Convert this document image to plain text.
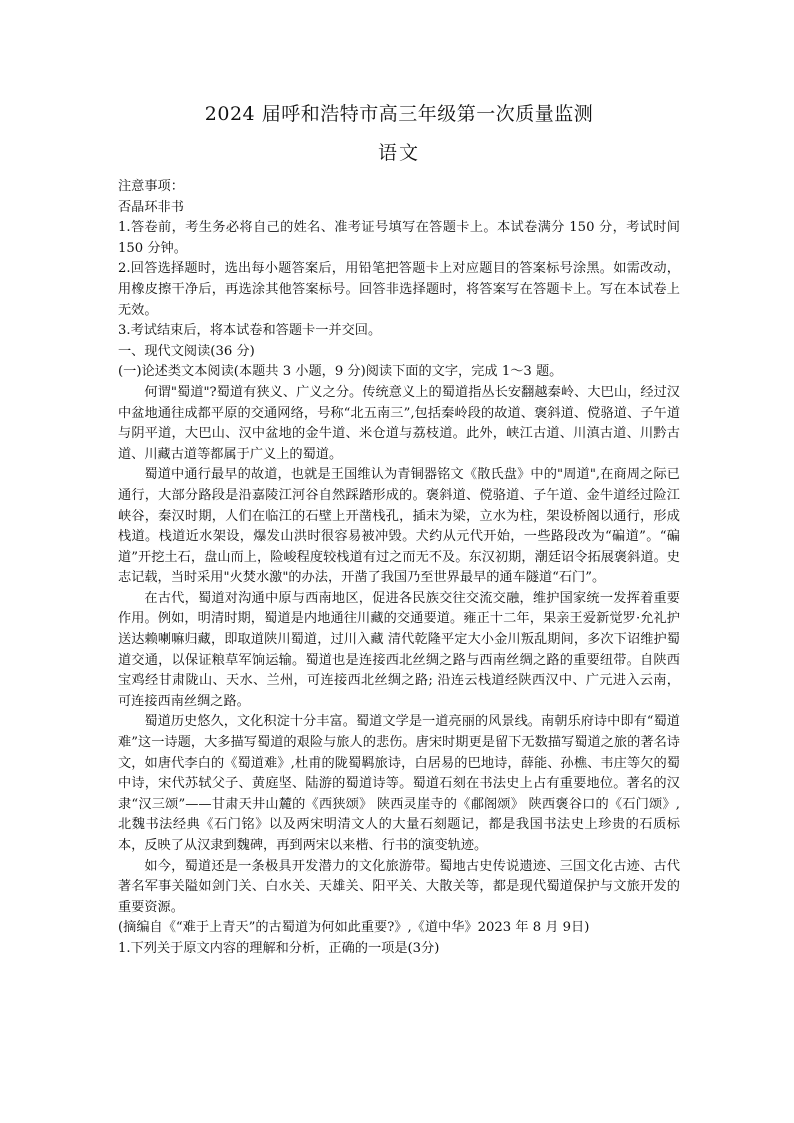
2024 届呼和浩特市高三年级第一次质量监测
语文

注意事项：

否晶环非书

1.答卷前，考生务必将自己的姓名、准考证号填写在答题卡上。本试卷满分 150 分，考试时间 150 分钟。

2.回答选择题时，选出每小题答案后，用铅笔把答题卡上对应题目的答案标号涂黑。如需改动，用橡皮擦干净后，再选涂其他答案标号。回答非选择题时，将答案写在答题卡上。写在本试卷上无效。

3.考试结束后，将本试卷和答题卡一并交回。

一、现代文阅读(36 分)

(一)论述类文本阅读(本题共 3 小题，9 分)阅读下面的文字，完成 1～3 题。

何谓"蜀道"?蜀道有狭义、广义之分。传统意义上的蜀道指丛长安翻越秦岭、大巴山，经过汉中盆地通往成都平原的交通网络，号称“北五南三”,包括秦岭段的故道、褒斜道、傥骆道、子午道与阴平道，大巴山、汉中盆地的金牛道、米仓道与荔枝道。此外，峡江古道、川滇古道、川黔古道、川藏古道等都属于广义上的蜀道。

蜀道中通行最早的故道，也就是王国维认为青铜器铭文《散氏盘》中的"周道",在商周之际已通行，大部分路段是沿嘉陵江河谷自然踩踏形成的。褒斜道、傥骆道、子午道、金牛道经过险江峡谷，秦汉时期，人们在临江的石壁上开凿栈孔，插末为梁，立水为柱，架设桥阁以通行，形成栈道。栈道近水架设，爆发山洪时很容易被冲毁。犬约从元代开始，一些路段改为“碥道”。“碥道”开挖土石，盘山而上，险峻程度较栈道有过之而无不及。东汉初期，潮廷诏令拓展褒斜道。史志记载，当时采用"火焚水激"的办法，开凿了我国乃至世界最早的通车隧道“石门”。

在古代，蜀道对沟通中原与西南地区，促进各民族交往交流交融，维护国家统一发挥着重要作用。例如，明清时期，蜀道是内地通往川藏的交通要道。雍正十二年，果亲王爱新觉罗·允礼护送达赖喇嘛归藏，即取道陕川蜀道，过川入藏 清代乾隆平定大小金川叛乱期间，多次下诏维护蜀道交通，以保证粮草军饷运输。蜀道也是连接西北丝绸之路与西南丝绸之路的重要纽带。自陕西宝鸡经甘肃陇山、天水、兰州，可连接西北丝绸之路; 沿连云栈道经陕西汉中、广元进入云南，可连接西南丝绸之路。

蜀道历史悠久，文化积淀十分丰富。蜀道文学是一道亮丽的风景线。南朝乐府诗中即有“蜀道难”这一诗题，大多描写蜀道的艰险与旅人的悲伤。唐宋时期更是留下无数描写蜀道之旅的著名诗文，如唐代李白的《蜀道难》,杜甫的陇蜀羁旅诗，白居易的巴地诗，薛能、孙樵、韦庄等欠的蜀中诗，宋代苏轼父子、黄庭坚、陆游的蜀道诗等。蜀道石刻在书法史上占有重要地位。著名的汉隶“汉三颂”——甘肃天井山麓的《西狭颂》 陕西灵崖寺的《郙阁颂》 陕西褒谷口的《石门颂》,北魏书法经典《石门铭》以及两宋明清文人的大量石刻题记，都是我国书法史上珍贵的石质标本，反映了从汉隶到魏碑，再到两宋以来楷、行书的演变轨迹。

如今，蜀道还是一条极具开发潜力的文化旅游带。蜀地古史传说遗迹、三国文化古迹、古代著名军事关隘如剑门关、白水关、天雄关、阳平关、大散关等，都是现代蜀道保护与文旅开发的重要资源。

(摘编自《“难于上青天”的古蜀道为何如此重要?》,《道中华》2023 年 8 月 9日)

1.下列关于原文内容的理解和分析，正确的一项是(3分)
